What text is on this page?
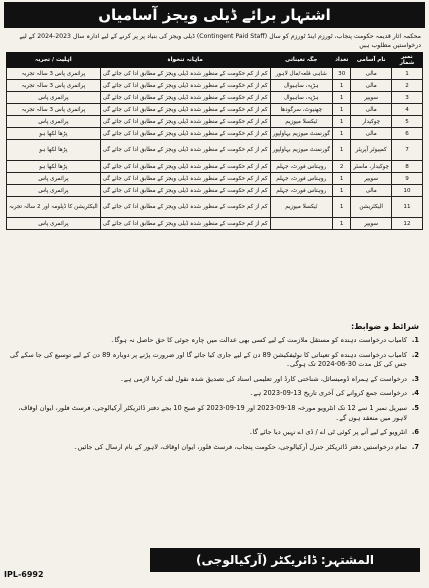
اشتہار برائے ڈیلی ویجز آسامیاں
محکمہ اثار قدیمہ حکومت پنجاب، ٹورزم اینڈ ٹورزم کو سال (Contingent Paid Staff) ڈیلی ویجز کی بنیاد پر پر کرنے کے لیے ادارہ سال 2023-2024 کے لیے درخواستیں مطلوب ہیں
نمبر شمار	نام آسامی	تعداد	جگہ تعیناتی	ماہانہ تنخواہ	اہلیت / تجربہ
1	مالی	30	شاہی قلعہ/مال لاہور	کم از کم حکومت کے منظور شدہ ڈیلی ویجز کے مطابق ادا کی جائے گی	پرائمری پاس 3 سالہ تجربہ
2	مالی	1	ہڑپہ، ساہیوال	کم از کم حکومت کے منظور شدہ ڈیلی ویجز کے مطابق ادا کی جائے گی	پرائمری پاس 3 سالہ تجربہ
3	سویپر	1	ہڑپہ، ساہیوال	کم از کم حکومت کے منظور شدہ ڈیلی ویجز کے مطابق ادا کی جائے گی	پرائمری پاس
4	مالی	1	چھنیوٹ، سرگودھا	کم از کم حکومت کے منظور شدہ ڈیلی ویجز کے مطابق ادا کی جائے گی	پرائمری پاس 3 سالہ تجربہ
5	چوکیدار	1	ٹیکسلا میوزیم	کم از کم حکومت کے منظور شدہ ڈیلی ویجز کے مطابق ادا کی جائے گی	پرائمری پاس
6	مالی	1	گورنمنٹ میوزیم بہاولپور	کم از کم حکومت کے منظور شدہ ڈیلی ویجز کے مطابق ادا کی جائے گی	پڑھا لکھا ہو
7	کمپیوٹر آپریٹر	1	گورنمنٹ میوزیم بہاولپور	کم از کم حکومت کے منظور شدہ ڈیلی ویجز کے مطابق ادا کی جائے گی	پڑھا لکھا ہو
8	چوکیدار، ماسٹر	2	روہتاس فورٹ، جہلم	کم از کم حکومت کے منظور شدہ ڈیلی ویجز کے مطابق ادا کی جائے گی	پڑھا لکھا ہو
9	سویپر	1	روہتاس فورٹ، جہلم	کم از کم حکومت کے منظور شدہ ڈیلی ویجز کے مطابق ادا کی جائے گی	پرائمری پاس
10	مالی	1	روہتاس فورٹ، جہلم	کم از کم حکومت کے منظور شدہ ڈیلی ویجز کے مطابق ادا کی جائے گی	پرائمری پاس
11	الیکٹریشن	1	ٹیکسلا میوزیم	کم از کم حکومت کے منظور شدہ ڈیلی ویجز کے مطابق ادا کی جائے گی	الیکٹریشن کا ڈپلومہ اور 2 سالہ تجربہ
12	سویپر	1		کم از کم حکومت کے منظور شدہ ڈیلی ویجز کے مطابق ادا کی جائے گی	پرائمری پاس
شرائط و ضوابط:
1.
کامیاب درخواست دہندہ کو مستقل ملازمت کے لیے کسی بھی عدالت میں چارہ جوئی کا حق حاصل نہ ہوگا۔
2.
کامیاب درخواست دہندہ کو تعیناتی کا نوٹیفکیشن 89 دن کے لیے جاری کیا جائے گا اور ضرورت پڑنے پر دوبارہ 89 دن کے لیے توسیع کی جا سکے گی جس کی کل مدت 30-06-2024 تک ہوگی۔
3.
درخواست کے ہمراہ ڈومیسائل، شناختی کارڈ اور تعلیمی اسناد کی تصدیق شدہ نقول لف کرنا لازمی ہے۔
4.
درخواست جمع کروانے کی آخری تاریخ 13-09-2023 ہے۔
5.
سیریل نمبر 1 سے 12 تک انٹرویو مورخہ 18-09-2023 اور 19-09-2023 کو صبح 10 بجے دفتر ڈائریکٹر آرکیالوجی، فرسٹ فلور، ایوان اوقاف، لاہور میں منعقد ہوں گے۔
6.
انٹرویو کے لیے آنے پر کوئی ٹی اے / ڈی اے نہیں دیا جائے گا۔
7.
تمام درخواستیں دفتر ڈائریکٹر جنرل آرکیالوجی، حکومت پنجاب، فرسٹ فلور، ایوان اوقاف، لاہور کے نام ارسال کی جائیں۔
المشتہر: ڈائریکٹر (آرکیالوجی)
IPL-6992
